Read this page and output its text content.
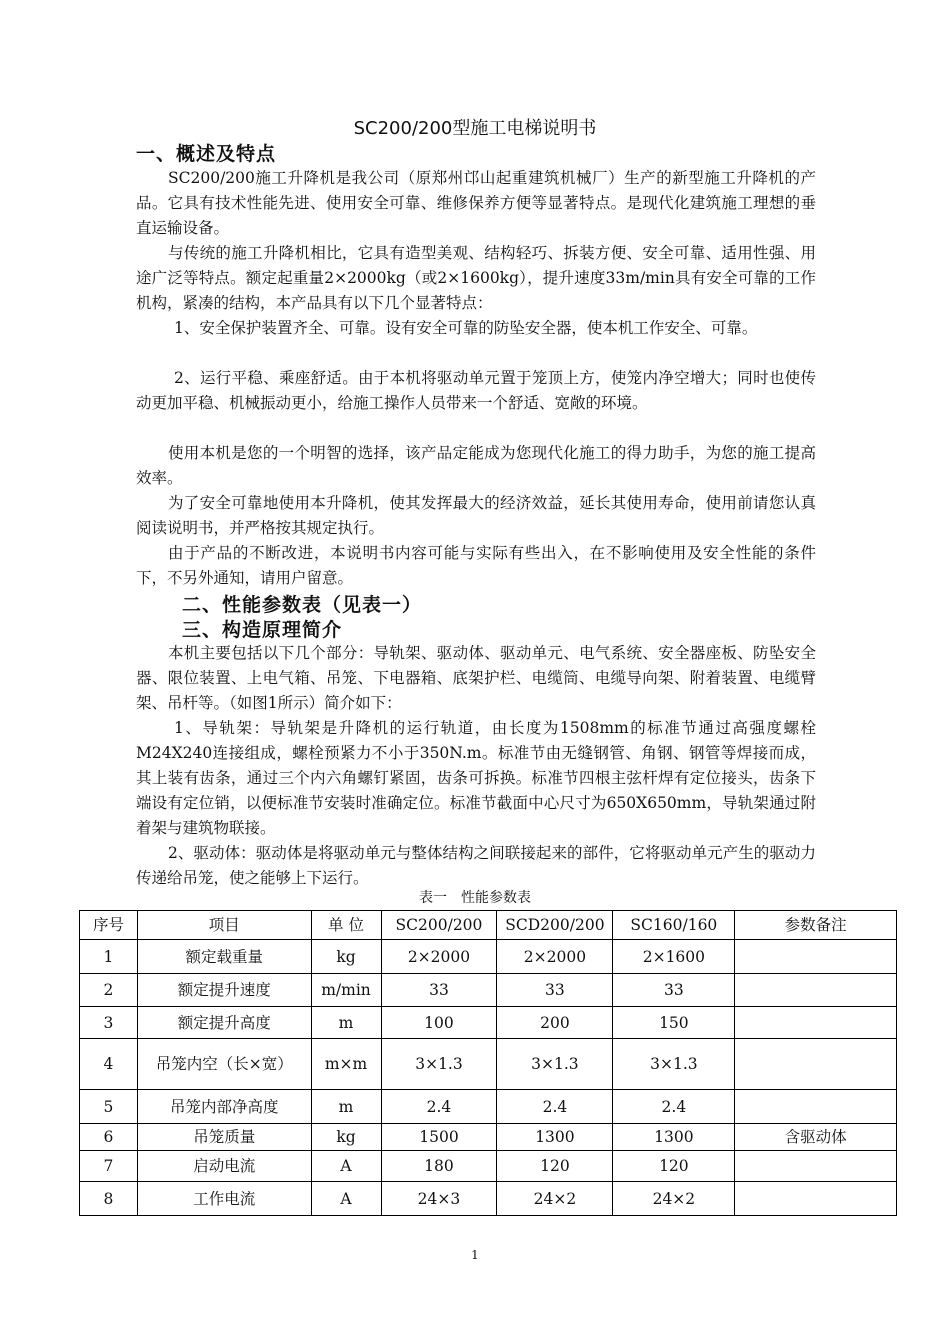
SC200/200型施工电梯说明书
一、概述及特点
SC200/200施工升降机是我公司（原郑州邙山起重建筑机械厂）生产的新型施工升降机的产品。它具有技术性能先进、使用安全可靠、维修保养方便等显著特点。是现代化建筑施工理想的垂直运输设备。
与传统的施工升降机相比，它具有造型美观、结构轻巧、拆装方便、安全可靠、适用性强、用途广泛等特点。额定起重量2×2000kg（或2×1600kg），提升速度33m/min具有安全可靠的工作机构，紧凑的结构，本产品具有以下几个显著特点：
1、安全保护装置齐全、可靠。设有安全可靠的防坠安全器，使本机工作安全、可靠。
2、运行平稳、乘座舒适。由于本机将驱动单元置于笼顶上方，使笼内净空增大；同时也使传动更加平稳、机械振动更小，给施工操作人员带来一个舒适、宽敞的环境。
使用本机是您的一个明智的选择，该产品定能成为您现代化施工的得力助手，为您的施工提高效率。
为了安全可靠地使用本升降机，使其发挥最大的经济效益，延长其使用寿命，使用前请您认真阅读说明书，并严格按其规定执行。
由于产品的不断改进，本说明书内容可能与实际有些出入，在不影响使用及安全性能的条件下，不另外通知，请用户留意。
二、性能参数表（见表一）
三、构造原理简介
本机主要包括以下几个部分：导轨架、驱动体、驱动单元、电气系统、安全器座板、防坠安全器、限位装置、上电气箱、吊笼、下电器箱、底架护栏、电缆筒、电缆导向架、附着装置、电缆臂架、吊杆等。（如图1所示）简介如下：
1、导轨架：导轨架是升降机的运行轨道，由长度为1508mm的标准节通过高强度螺栓M24X240连接组成，螺栓预紧力不小于350N.m。标准节由无缝钢管、角钢、钢管等焊接而成，其上装有齿条，通过三个内六角螺钉紧固，齿条可拆换。标准节四根主弦杆焊有定位接头，齿条下端设有定位销，以便标准节安装时准确定位。标准节截面中心尺寸为650X650mm，导轨架通过附着架与建筑物联接。
2、驱动体：驱动体是将驱动单元与整体结构之间联接起来的部件，它将驱动单元产生的驱动力传递给吊笼，使之能够上下运行。
表一　性能参数表
序号	项目	单 位	SC200/200	SCD200/200	SC160/160	参数备注
1	额定载重量	kg	2×2000	2×2000	2×1600	
2	额定提升速度	m/min	33	33	33	
3	额定提升高度	m	100	200	150	
4	吊笼内空（长×宽）	m×m	3×1.3	3×1.3	3×1.3	
5	吊笼内部净高度	m	2.4	2.4	2.4	
6	吊笼质量	kg	1500	1300	1300	含驱动体
7	启动电流	A	180	120	120	
8	工作电流	A	24×3	24×2	24×2	
1
